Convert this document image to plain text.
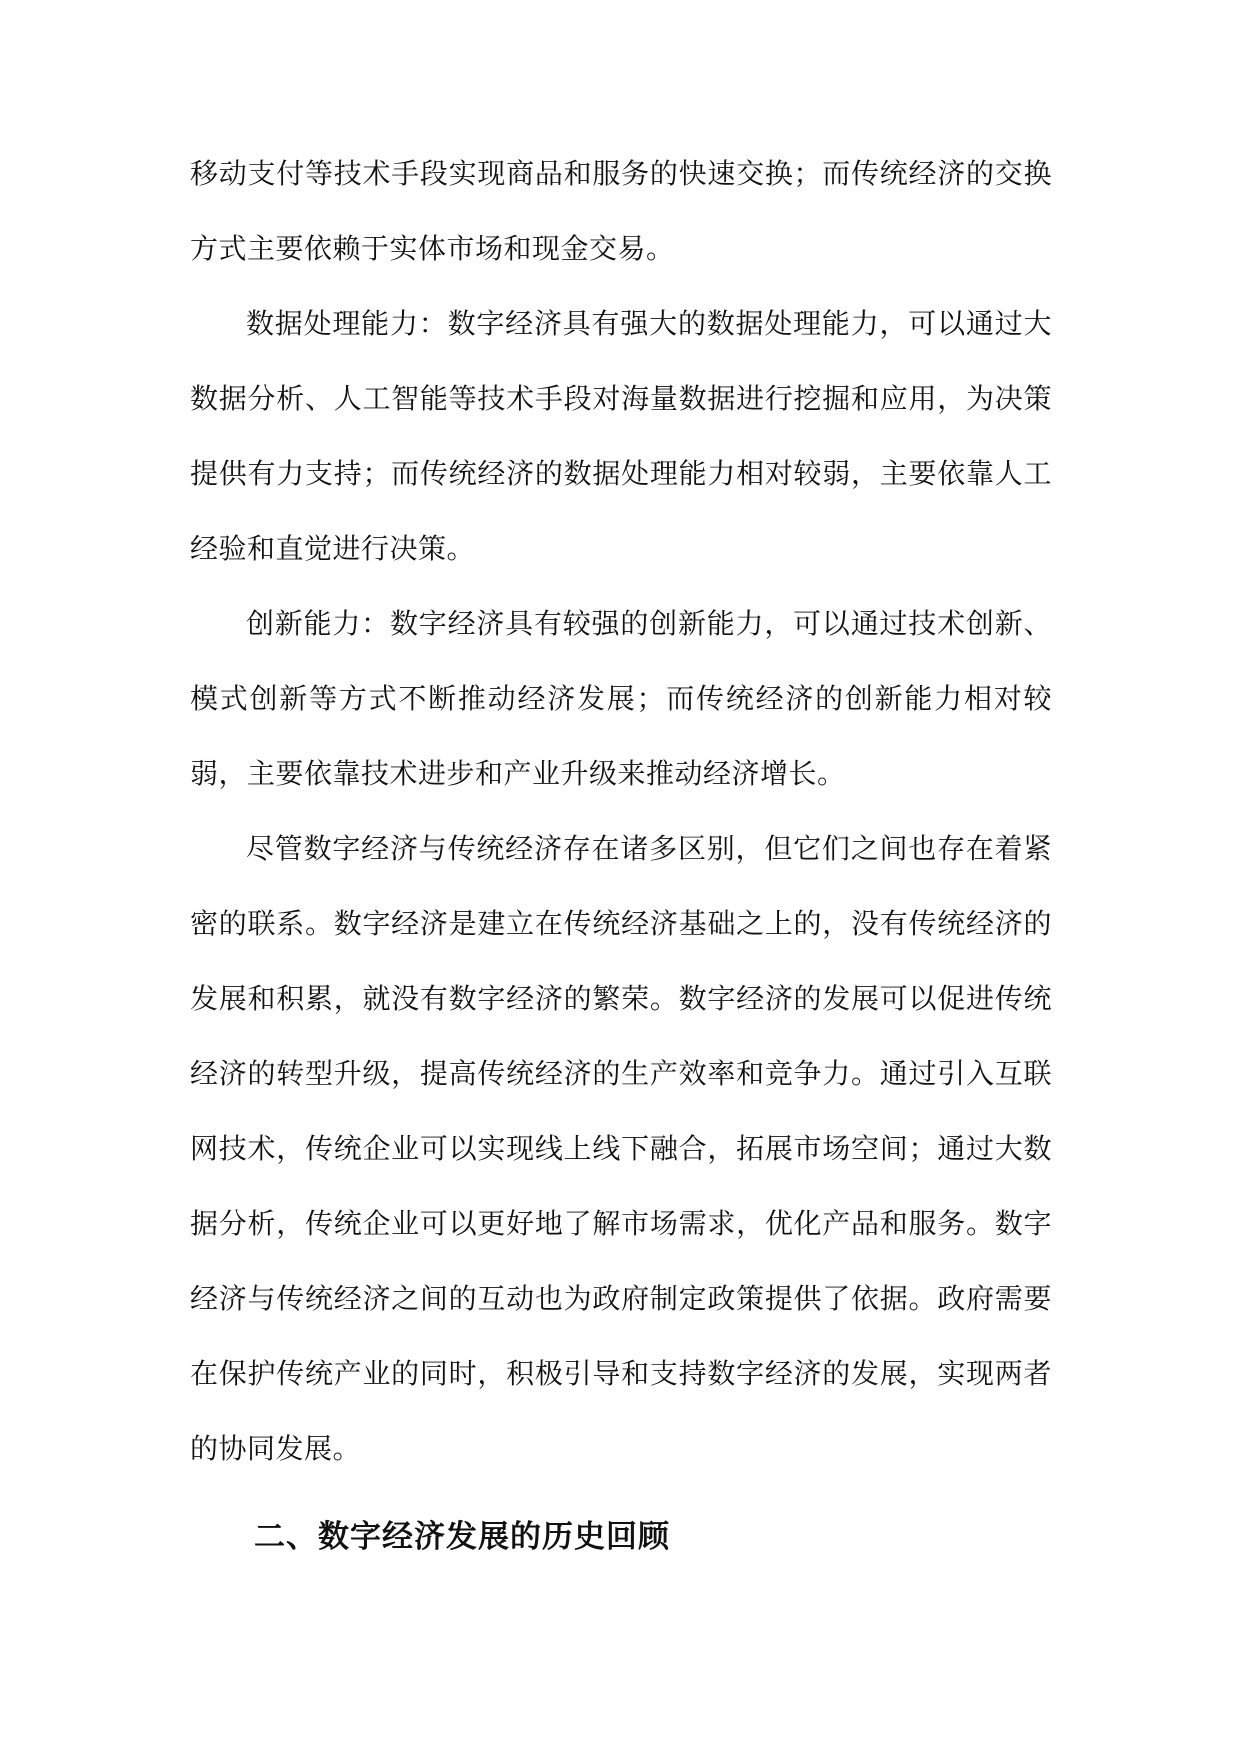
移动支付等技术手段实现商品和服务的快速交换；而传统经济的交换方式主要依赖于实体市场和现金交易。

数据处理能力：数字经济具有强大的数据处理能力，可以通过大数据分析、人工智能等技术手段对海量数据进行挖掘和应用，为决策提供有力支持；而传统经济的数据处理能力相对较弱，主要依靠人工经验和直觉进行决策。

创新能力：数字经济具有较强的创新能力，可以通过技术创新、模式创新等方式不断推动经济发展；而传统经济的创新能力相对较弱，主要依靠技术进步和产业升级来推动经济增长。

尽管数字经济与传统经济存在诸多区别，但它们之间也存在着紧密的联系。数字经济是建立在传统经济基础之上的，没有传统经济的发展和积累，就没有数字经济的繁荣。数字经济的发展可以促进传统经济的转型升级，提高传统经济的生产效率和竞争力。通过引入互联网技术，传统企业可以实现线上线下融合，拓展市场空间；通过大数据分析，传统企业可以更好地了解市场需求，优化产品和服务。数字经济与传统经济之间的互动也为政府制定政策提供了依据。政府需要在保护传统产业的同时，积极引导和支持数字经济的发展，实现两者的协同发展。

二、数字经济发展的历史回顾
